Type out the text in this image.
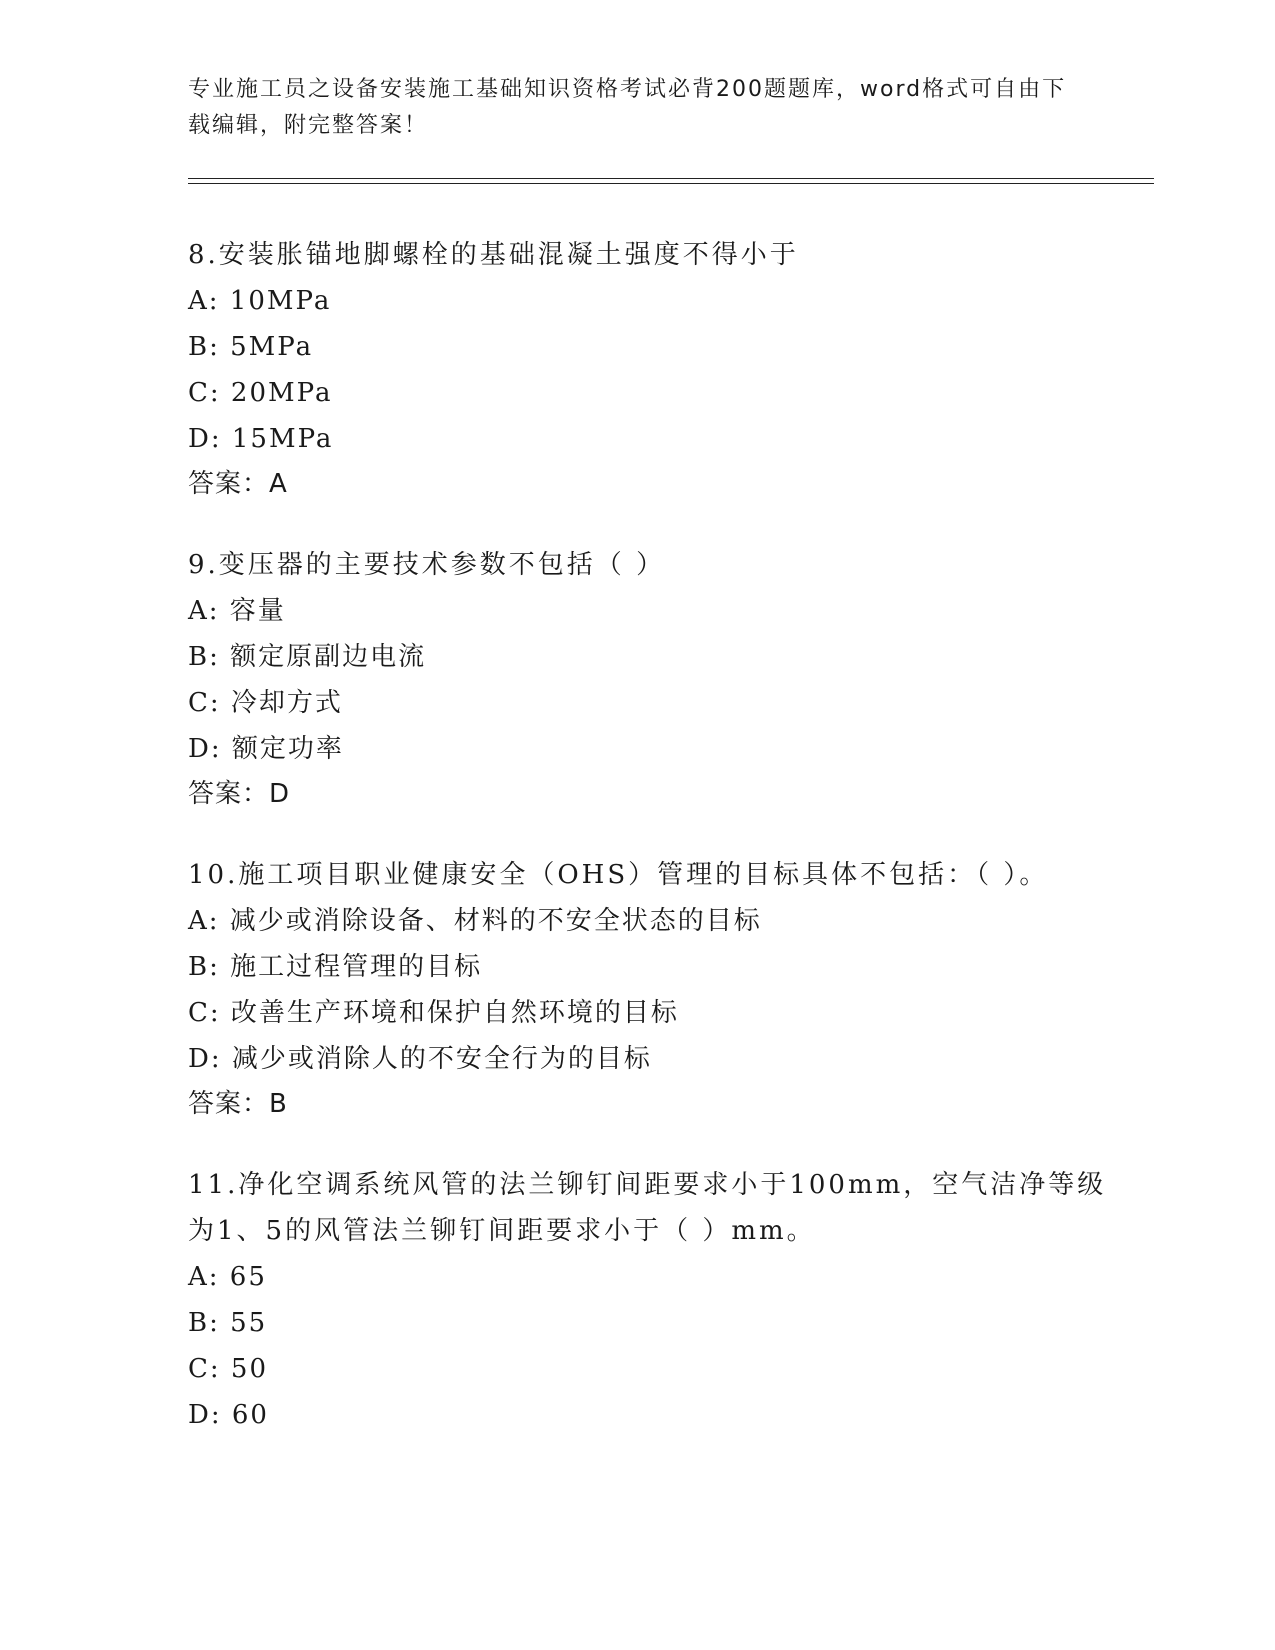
专业施工员之设备安装施工基础知识资格考试必背200题题库，word格式可自由下载编辑，附完整答案！
8.安装胀锚地脚螺栓的基础混凝土强度不得小于
A: 10MPa
B: 5MPa
C: 20MPa
D: 15MPa
答案：A
9.变压器的主要技术参数不包括（ ）
A: 容量
B: 额定原副边电流
C: 冷却方式
D: 额定功率
答案：D
10.施工项目职业健康安全（OHS）管理的目标具体不包括：（ ）。
A: 减少或消除设备、材料的不安全状态的目标
B: 施工过程管理的目标
C: 改善生产环境和保护自然环境的目标
D: 减少或消除人的不安全行为的目标
答案：B
11.净化空调系统风管的法兰铆钉间距要求小于100mm，空气洁净等级为1、5的风管法兰铆钉间距要求小于（ ）mm。
A: 65
B: 55
C: 50
D: 60
